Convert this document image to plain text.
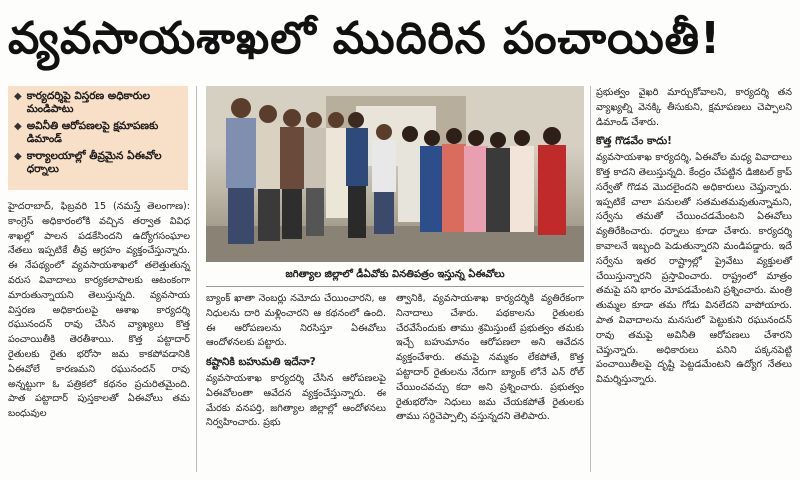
వ్యవసాయశాఖలో ముదిరిన పంచాయితీ!
◆ కార్యదర్శిపై విస్తరణ అధికారుల మండిపాటు
◆ అవినీతి ఆరోపణలపై క్షమాపణకు డిమాండ్
◆ కార్యాలయాల్లో తీవ్రమైన ఏఈవోల ధర్నాలు
జగిత్యాల జిల్లాలో డీఏవోకు వినతిపత్రం ఇస్తున్న ఏఈవోలు

హైదరాబాద్, ఫిబ్రవరి 15 (నమస్తే తెలంగాణ): కాంగ్రెస్ అధికారంలోకి వచ్చిన తర్వాత వివిధ శాఖల్లో పాలన పడకేసిందని ఉద్యోగసంఘాల నేతలు ఇప్పటికే తీవ్ర ఆగ్రహం వ్యక్తంచేస్తున్నారు. ఈ నేపథ్యంలో వ్యవసాయశాఖలో తలెత్తుతున్న వరుస వివాదాలు కార్యకలాపాలకు ఆటంకంగా మారుతున్నాయని తెలుస్తున్నది. వ్యవసాయ విస్తరణ అధికారులపై ఆశాఖ కార్యదర్శి రఘునందన్ రావు చేసిన వ్యాఖ్యలు కొత్త పంచాయితీకి తెరతీశాయి. కొత్త పట్టాదార్ రైతులకు రైతు భరోసా జమ కాకపోవడానికి ఏఈవోలే కారణమని రఘునందన్ రావు అన్నట్టుగా ఓ పత్రికలో కథనం ప్రచురితమైంది. పాత పట్టాదార్ పుస్తకాలతో ఏఈవోలు తమ బంధువుల

బ్యాంక్ ఖాతా నెంబర్లు నమోదు చేయించారని, ఆ నిధులను దారి మళ్లించారని ఆ కథనంలో ఉంది. ఈ ఆరోపణలను నిరసిస్తూ ఏఈవోలు ఆందోళనలకు పట్టారు.

కష్టానికి బహుమతి ఇదేనా?

వ్యవసాయశాఖ కార్యదర్శి చేసిన ఆరోపణలపై ఏఈవోలంతా ఆవేదన వ్యక్తంచేస్తున్నారు. ఈ మేరకు వనపర్తి, జగిత్యాల జిల్లాల్లో ఆందోళనలు నిర్వహించారు. ప్రభు

త్వానికి, వ్యవసాయశాఖ కార్యదర్శికి వ్యతిరేకంగా నినాదాలు చేశారు. పథకాలను రైతులకు చేరవేసేందుకు తాము శ్రమిస్తుంటే ప్రభుత్వం తమకు ఇచ్చే బహుమానం ఆరోపణలా అని ఆవేదన వ్యక్తంచేశారు. తమపై నమ్మకం లేకపోతే, కొత్త పట్టాదార్ రైతులను నేరుగా బ్యాంక్ లోనే ఎన్ రోల్ చేయించవచ్చు కదా అని ప్రశ్నించారు. ప్రభుత్వం రైతుభరోసా నిధులు జమ చేయకపోతే రైతులకు తాము సర్దిచెప్పాల్సి వస్తున్నదని తెలిపారు.

ప్రభుత్వం వైఖరి మార్చుకోవాలని, కార్యదర్శి తన వ్యాఖ్యల్ని వెనక్కి తీసుకుని, క్షమాపణలు చెప్పాలని డిమాండ్ చేశారు.

కొత్త గొడవేం కాదు!

వ్యవసాయశాఖ కార్యదర్శి, ఏఈవోల మధ్య వివాదాలు కొత్త కాదని తెలుస్తున్నది. కేంద్రం చేపట్టిన డిజిటల్ క్రాప్ సర్వేతో గొడవ మొదలైందని అధికారులు చెప్తున్నారు. ఇప్పటికే చాలా పనులతో సతమతమవుతున్నామని, సర్వేను తమతో చేయించడమేంటని ఏఈవోలు వ్యతిరేకించారు. ధర్నాలు కూడా చేశారు. కార్యదర్శి కావాలనే ఇబ్బంది పెడుతున్నారని మండిపడ్డారు. ఇదే సర్వేను ఇతర రాష్ట్రాల్లో ప్రైవేటు వ్యక్తులతో చేయిస్తున్నారని ప్రస్తావించారు. రాష్ట్రంలో మాత్రం తమపై పని భారం మోపడమేంటని ప్రశ్నించారు. మంత్రి తుమ్మల కూడా తమ గోడు వినలేదని వాపోయారు. పాత వివాదాలను మనసులో పెట్టుకుని రఘునందన్ రావు తమపై అవినీతి ఆరోపణలు చేశారని చెప్తున్నారు. అధికారులు పనిని పక్కనపెట్టి పంచాయితీలపై దృష్టి పెట్టడమేంటని ఉద్యోగ నేతలు విమర్శిస్తున్నారు.
